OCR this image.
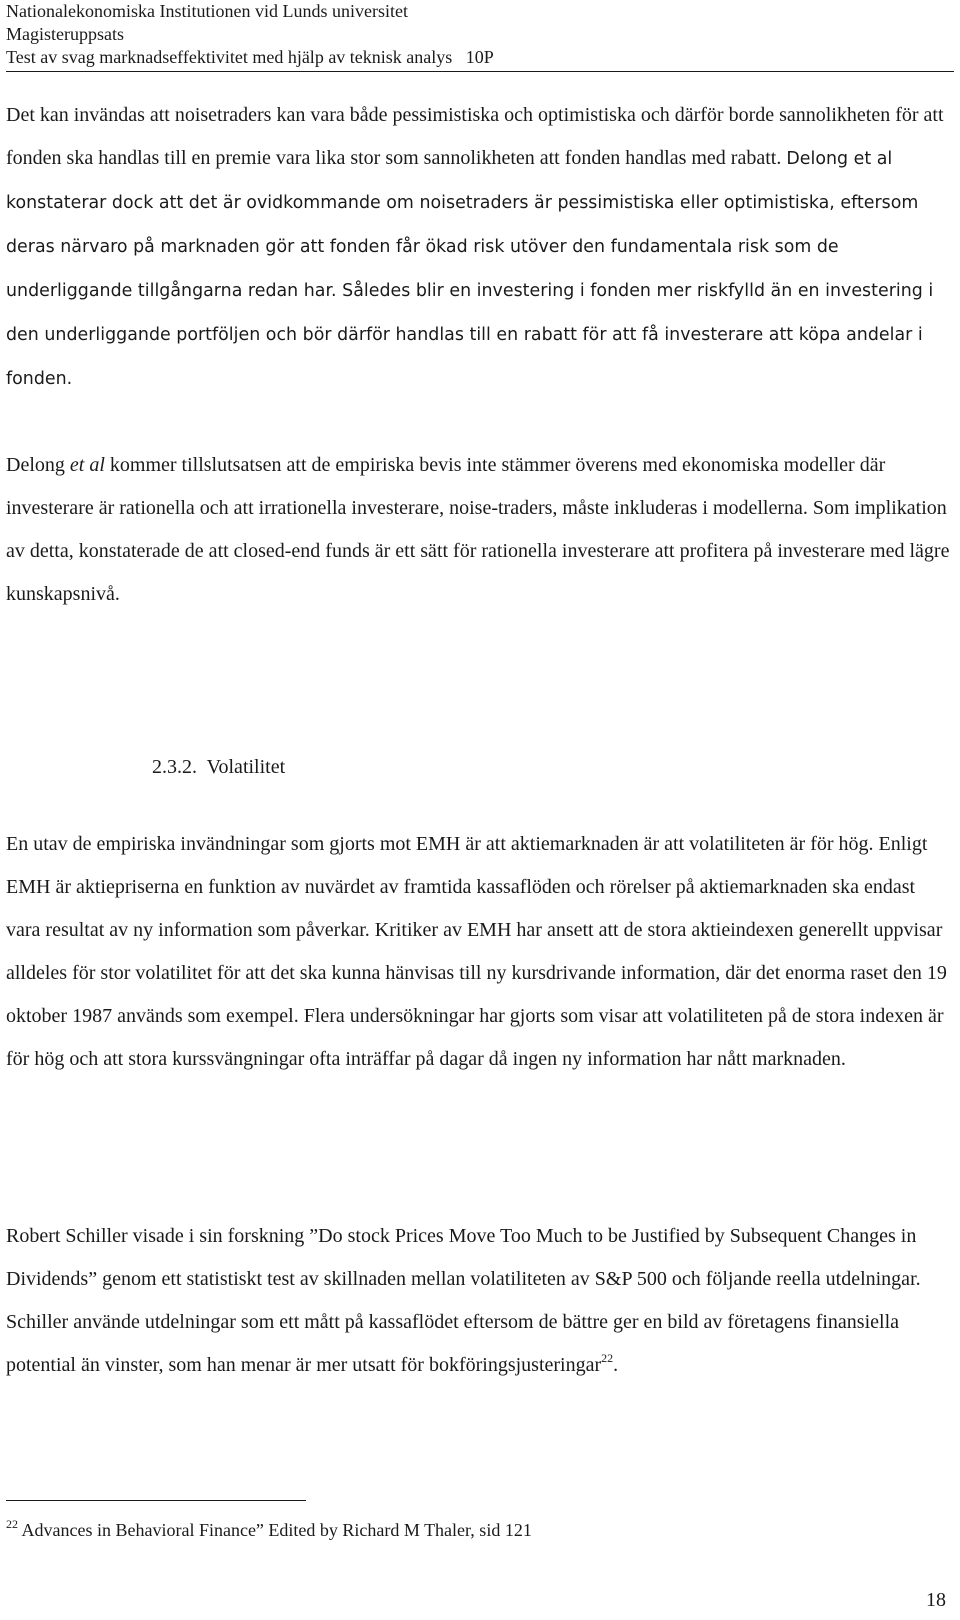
Nationalekonomiska Institutionen vid Lunds universitet
Magisteruppsats
Test av svag marknadseffektivitet med hjälp av teknisk analys   10P

Det kan invändas att noisetraders kan vara både pessimistiska och optimistiska och därför borde sannolikheten för att fonden ska handlas till en premie vara lika stor som sannolikheten att fonden handlas med rabatt. Delong et al konstaterar dock att det är ovidkommande om noisetraders är pessimistiska eller optimistiska, eftersom deras närvaro på marknaden gör att fonden får ökad risk utöver den fundamentala risk som de underliggande tillgångarna redan har. Således blir en investering i fonden mer riskfylld än en investering i den underliggande portföljen och bör därför handlas till en rabatt för att få investerare att köpa andelar i fonden.

Delong et al kommer tillslutsatsen att de empiriska bevis inte stämmer överens med ekonomiska modeller där investerare är rationella och att irrationella investerare, noise-traders, måste inkluderas i modellerna. Som implikation av detta, konstaterade de att closed-end funds är ett sätt för rationella investerare att profitera på investerare med lägre kunskapsnivå.

2.3.2.  Volatilitet

En utav de empiriska invändningar som gjorts mot EMH är att aktiemarknaden är att volatiliteten är för hög. Enligt EMH är aktiepriserna en funktion av nuvärdet av framtida kassaflöden och rörelser på aktiemarknaden ska endast vara resultat av ny information som påverkar. Kritiker av EMH har ansett att de stora aktieindexen generellt uppvisar alldeles för stor volatilitet för att det ska kunna hänvisas till ny kursdrivande information, där det enorma raset den 19 oktober 1987 används som exempel. Flera undersökningar har gjorts som visar att volatiliteten på de stora indexen är för hög och att stora kurssvängningar ofta inträffar på dagar då ingen ny information har nått marknaden.

Robert Schiller visade i sin forskning ”Do stock Prices Move Too Much to be Justified by Subsequent Changes in Dividends” genom ett statistiskt test av skillnaden mellan volatiliteten av S&P 500 och följande reella utdelningar. Schiller använde utdelningar som ett mått på kassaflödet eftersom de bättre ger en bild av företagens finansiella potential än vinster, som han menar är mer utsatt för bokföringsjusteringar$^{22}$.

$^{22}$ Advances in Behavioral Finance” Edited by Richard M Thaler, sid 121
18
